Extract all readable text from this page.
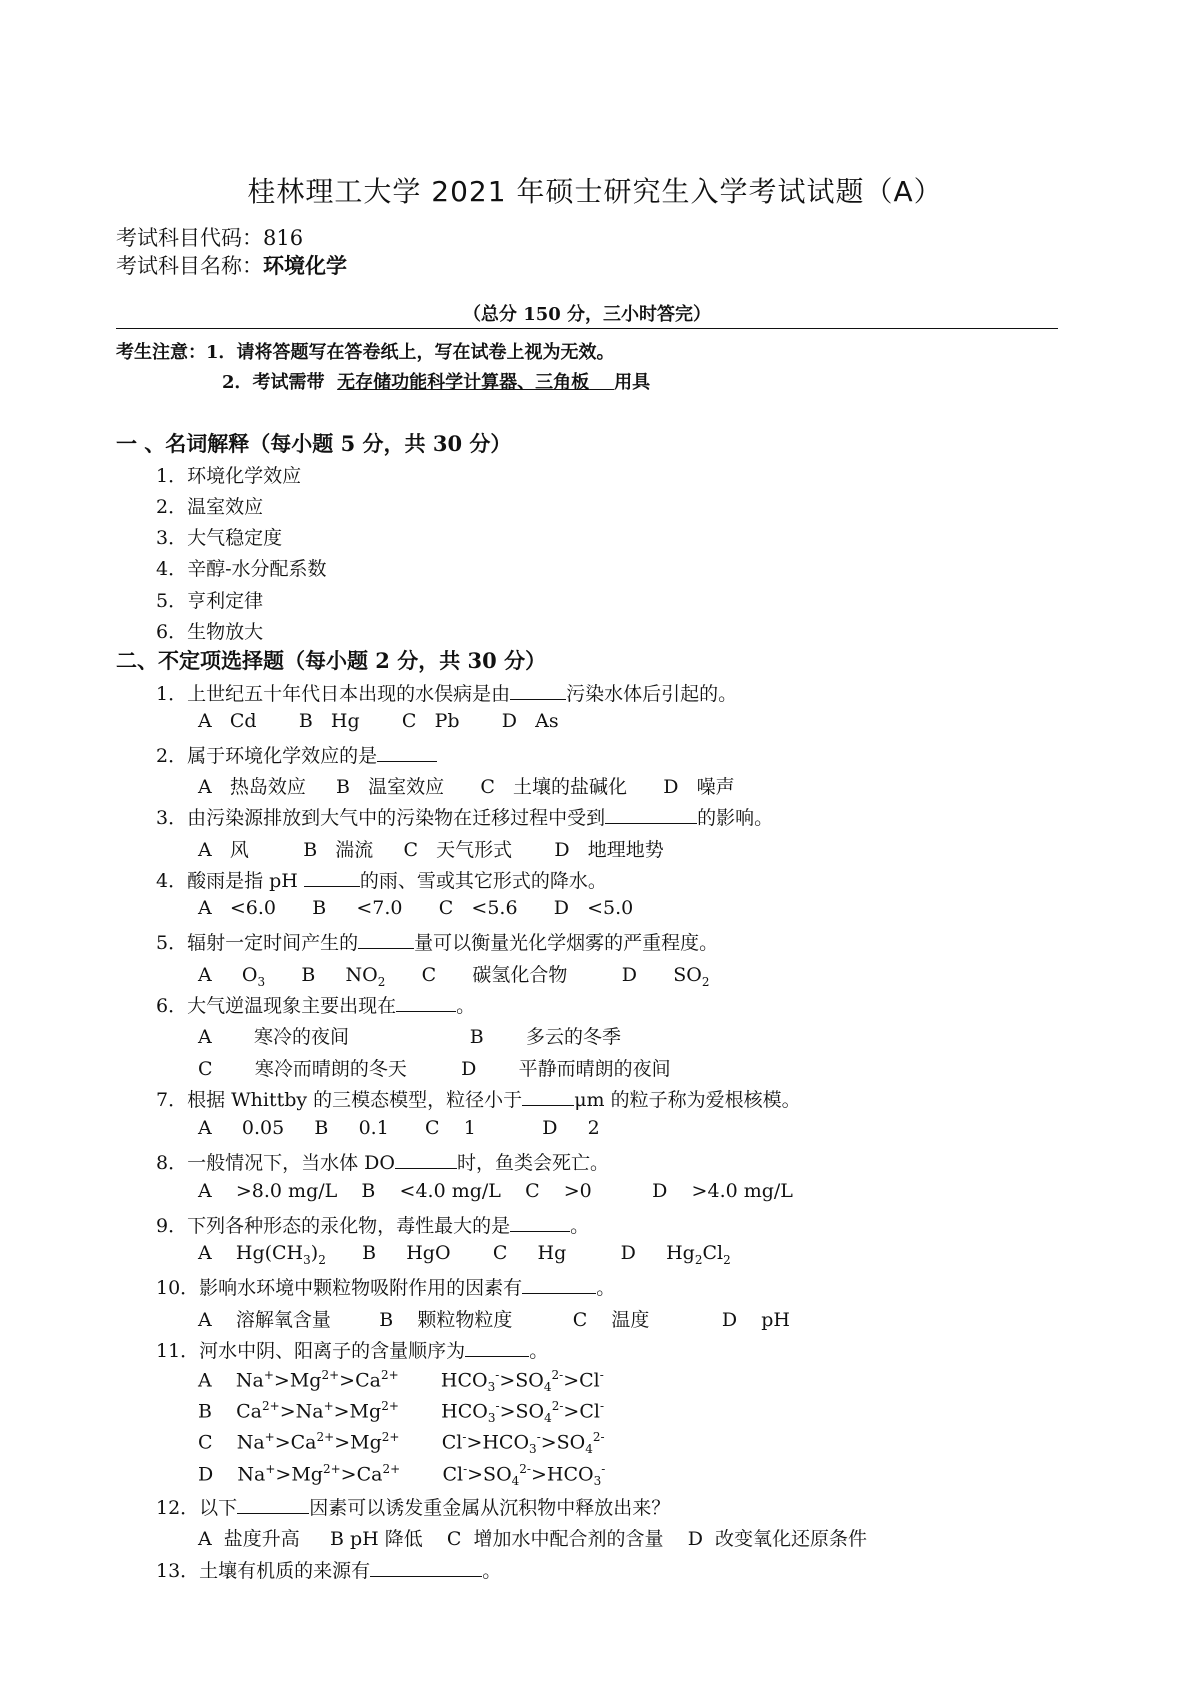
桂林理工大学 2021 年硕士研究生入学考试试题（A）
考试科目代码：816
考试科目名称：环境化学
（总分 150 分，三小时答完）
考生注意：1．请将答题写在答卷纸上，写在试卷上视为无效。
2．考试需带 无存储功能科学计算器、三角板 用具
一 、名词解释（每小题 5 分，共 30 分）
1．环境化学效应
2．温室效应
3．大气稳定度
4．辛醇-水分配系数
5．亨利定律
6．生物放大
二、不定项选择题（每小题 2 分，共 30 分）
1．上世纪五十年代日本出现的水俣病是由	污染水体后引起的。
A   Cd       B   Hg       C   Pb       D   As
2．属于环境化学效应的是
A   热岛效应     B   温室效应      C   土壤的盐碱化      D   噪声
3．由污染源排放到大气中的污染物在迁移过程中受到	的影响。
A   风         B   湍流     C   天气形式       D   地理地势
4．酸雨是指 pH	的雨、雪或其它形式的降水。
A   <6.0      B     <7.0      C   <5.6      D   <5.0
5．辐射一定时间产生的	量可以衡量光化学烟雾的严重程度。
A     $O_3$      B     $NO_2$      C      碳氢化合物         D      $SO_2$
6．大气逆温现象主要出现在	。
A       寒冷的夜间                    B       多云的冬季
C       寒冷而晴朗的冬天         D       平静而晴朗的夜间
7．根据 Whittby 的三模态模型，粒径小于	μm 的粒子称为爱根核模。
A     0.05     B     0.1      C    1           D     2
8．一般情况下，当水体 DO	时，鱼类会死亡。
A    >8.0 mg/L    B    <4.0 mg/L    C    >0          D    >4.0 mg/L
9．下列各种形态的汞化物，毒性最大的是	。
A    $Hg(CH_3)_2$      B     HgO       C     Hg         D     $Hg_2Cl_2$
10．影响水环境中颗粒物吸附作用的因素有	。
A    溶解氧含量        B    颗粒物粒度          C    温度            D    pH
11．河水中阴、阳离子的含量顺序为	。
A    $Na^+>Mg^{2+}>Ca^{2+}$       $HCO_3^->SO_4^{2-}>Cl^-$
B    $Ca^{2+}>Na^+>Mg^{2+}$       $HCO_3^->SO_4^{2-}>Cl^-$
C    $Na^+>Ca^{2+}>Mg^{2+}$       $Cl^->HCO_3^->SO_4^{2-}$
D    $Na^+>Mg^{2+}>Ca^{2+}$       $Cl^->SO_4^{2-}>HCO_3^-$
12．以下	因素可以诱发重金属从沉积物中释放出来？
A  盐度升高     B pH 降低    C  增加水中配合剂的含量    D  改变氧化还原条件
13．土壤有机质的来源有	。
